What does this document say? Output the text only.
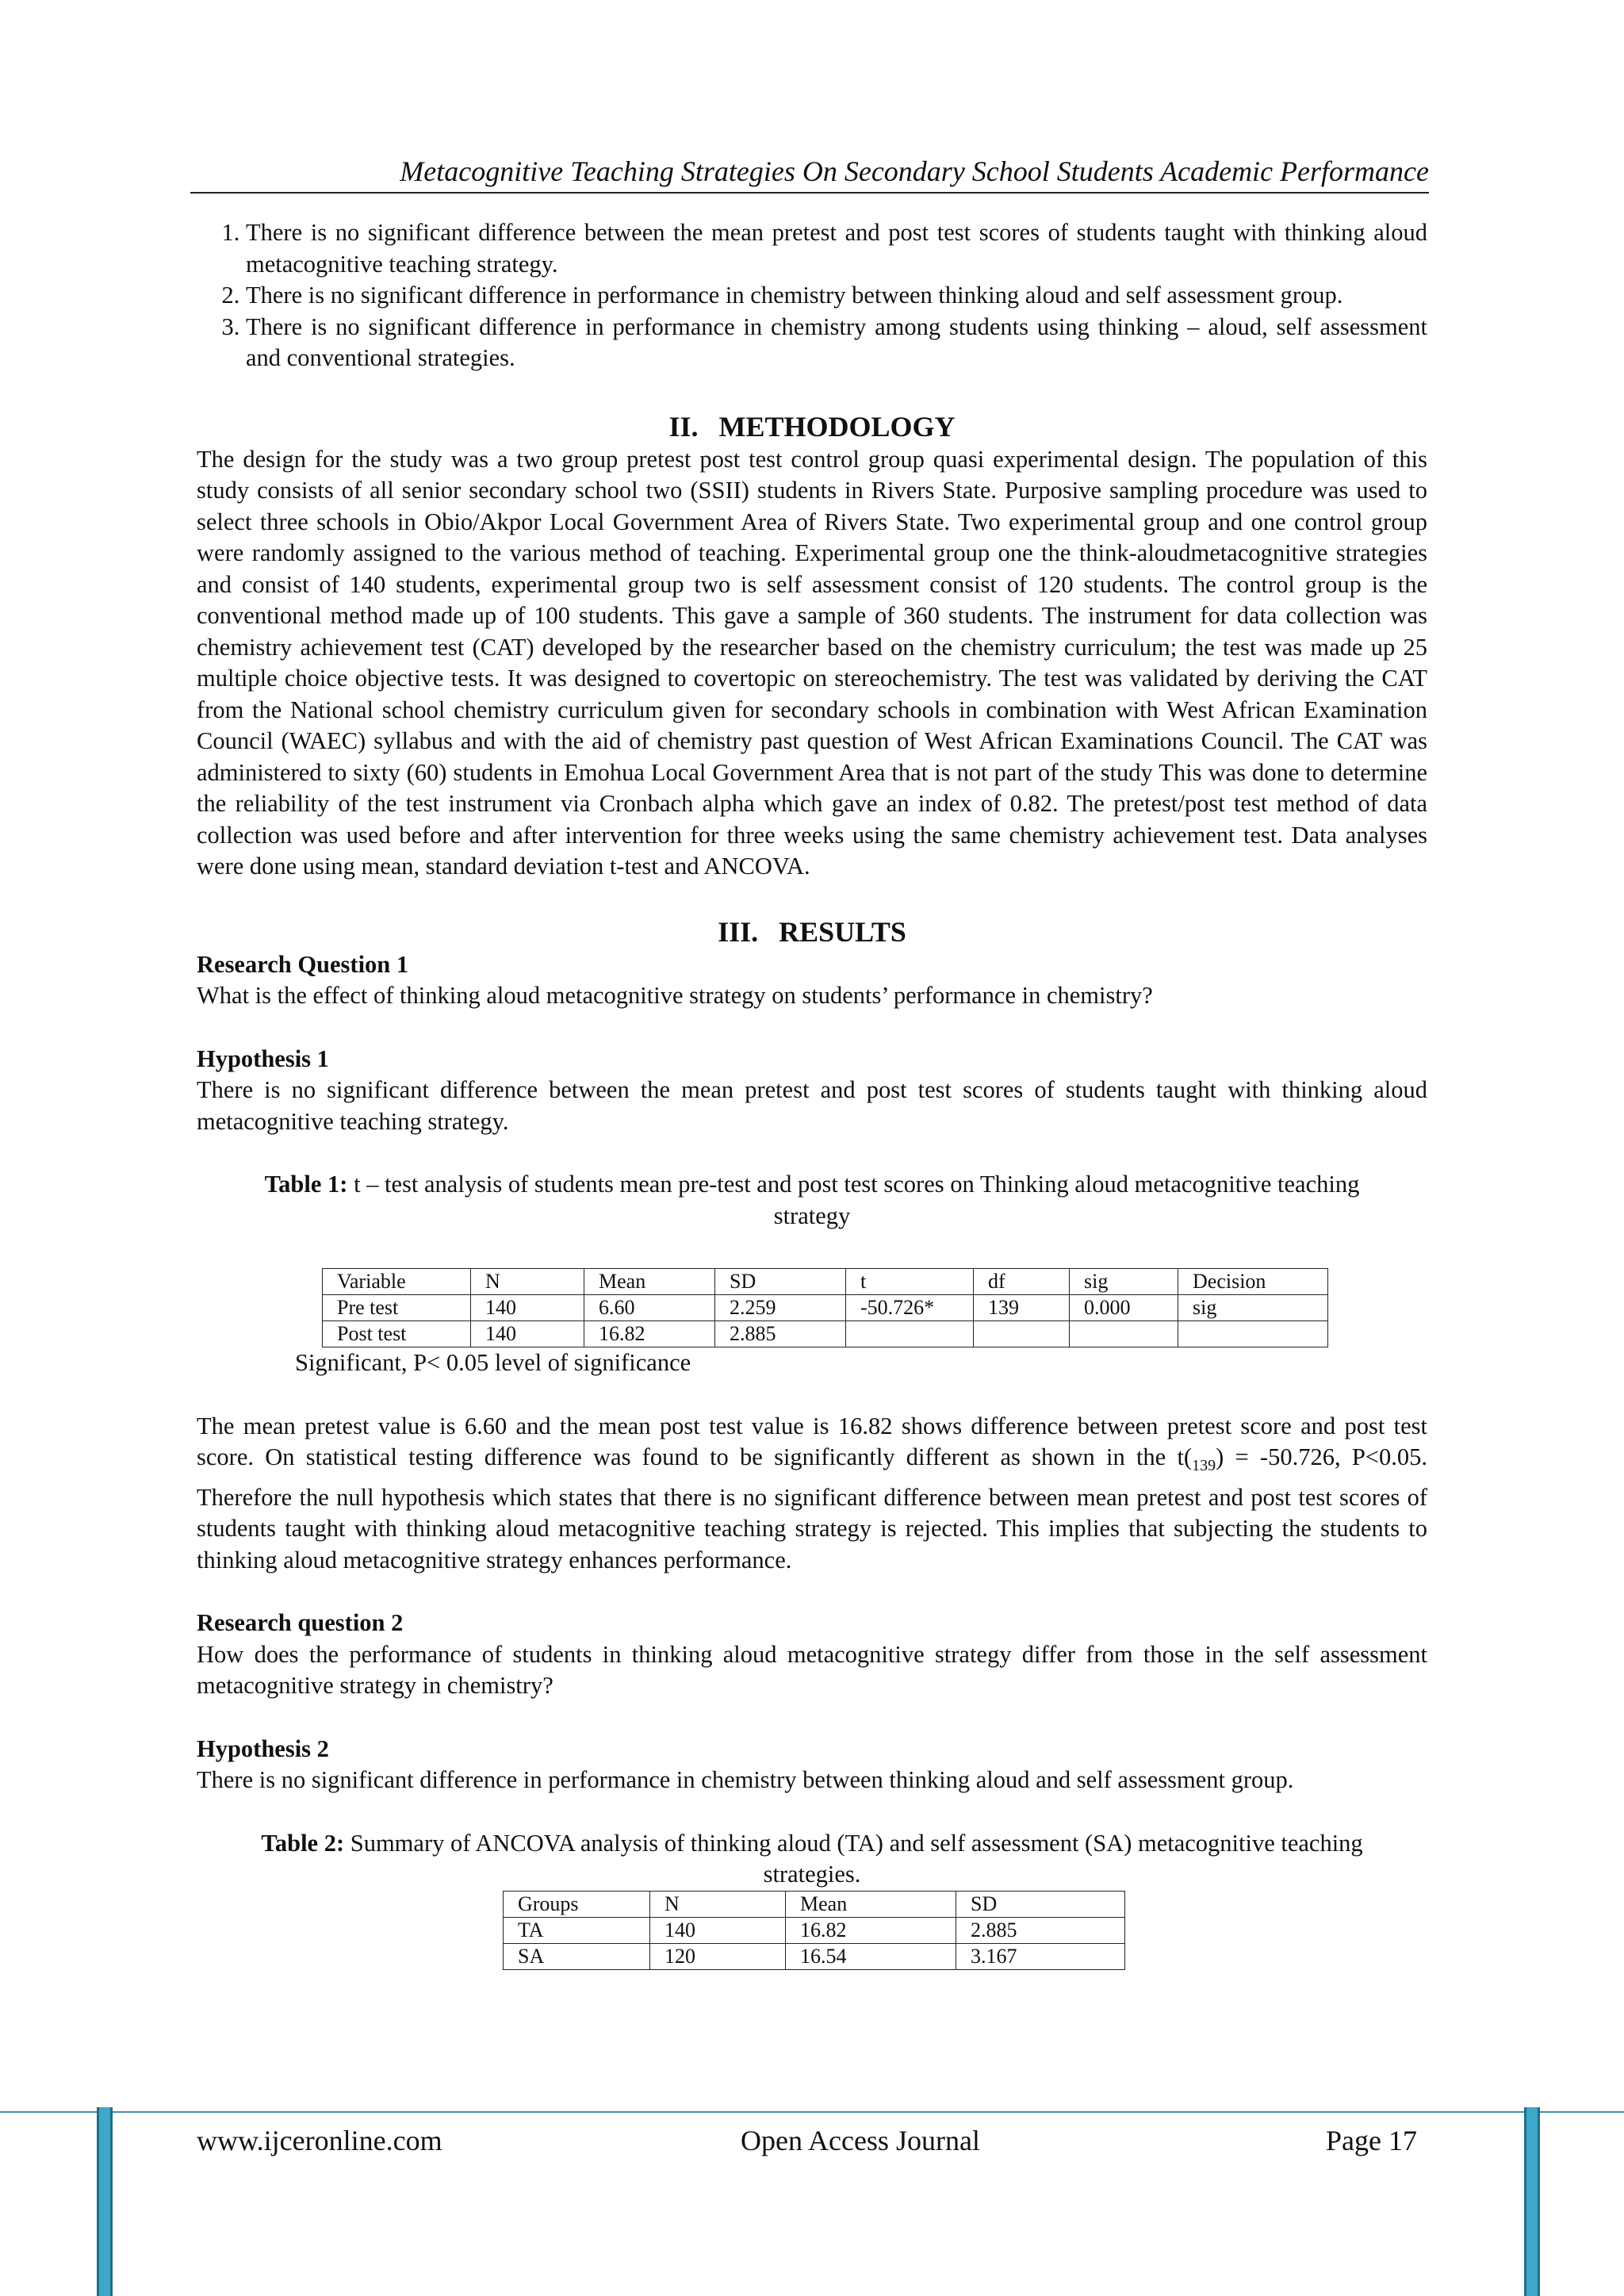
Metacognitive Teaching Strategies On Secondary School Students Academic Performance
1. There is no significant difference between the mean pretest and post test scores of students taught with thinking aloud metacognitive teaching strategy.
2. There is no significant difference in performance in chemistry between thinking aloud and self assessment group.
3. There is no significant difference in performance in chemistry among students using thinking – aloud, self assessment and conventional strategies.
II. METHODOLOGY

The design for the study was a two group pretest post test control group quasi experimental design. The population of this study consists of all senior secondary school two (SSII) students in Rivers State. Purposive sampling procedure was used to select three schools in Obio/Akpor Local Government Area of Rivers State. Two experimental group and one control group were randomly assigned to the various method of teaching. Experimental group one the think-aloudmetacognitive strategies and consist of 140 students, experimental group two is self assessment consist of 120 students. The control group is the conventional method made up of 100 students. This gave a sample of 360 students. The instrument for data collection was chemistry achievement test (CAT) developed by the researcher based on the chemistry curriculum; the test was made up 25 multiple choice objective tests. It was designed to covertopic on stereochemistry. The test was validated by deriving the CAT from the National school chemistry curriculum given for secondary schools in combination with West African Examination Council (WAEC) syllabus and with the aid of chemistry past question of West African Examinations Council. The CAT was administered to sixty (60) students in Emohua Local Government Area that is not part of the study This was done to determine the reliability of the test instrument via Cronbach alpha which gave an index of 0.82. The pretest/post test method of data collection was used before and after intervention for three weeks using the same chemistry achievement test. Data analyses were done using mean, standard deviation t-test and ANCOVA.

III. RESULTS

Research Question 1

What is the effect of thinking aloud metacognitive strategy on students’ performance in chemistry?

Hypothesis 1

There is no significant difference between the mean pretest and post test scores of students taught with thinking aloud metacognitive teaching strategy.

Table 1: t – test analysis of students mean pre-test and post test scores on Thinking aloud metacognitive teaching strategy

Variable	N	Mean	SD	t	df	sig	Decision
Pre test	140	6.60	2.259	-50.726*	139	0.000	sig
Post test	140	16.82	2.885				

Significant, P< 0.05 level of significance

The mean pretest value is 6.60 and the mean post test value is 16.82 shows difference between pretest score and post test score. On statistical testing difference was found to be significantly different as shown in the $t(_{139}) = -50.726$, P<0.05. Therefore the null hypothesis which states that there is no significant difference between mean pretest and post test scores of students taught with thinking aloud metacognitive teaching strategy is rejected. This implies that subjecting the students to thinking aloud metacognitive strategy enhances performance.

Research question 2

How does the performance of students in thinking aloud metacognitive strategy differ from those in the self assessment metacognitive strategy in chemistry?

Hypothesis 2

There is no significant difference in performance in chemistry between thinking aloud and self assessment group.

Table 2: Summary of ANCOVA analysis of thinking aloud (TA) and self assessment (SA) metacognitive teaching strategies.

Groups	N	Mean	SD
TA	140	16.82	2.885
SA	120	16.54	3.167
www.ijceronline.com	Open Access Journal	Page 17
